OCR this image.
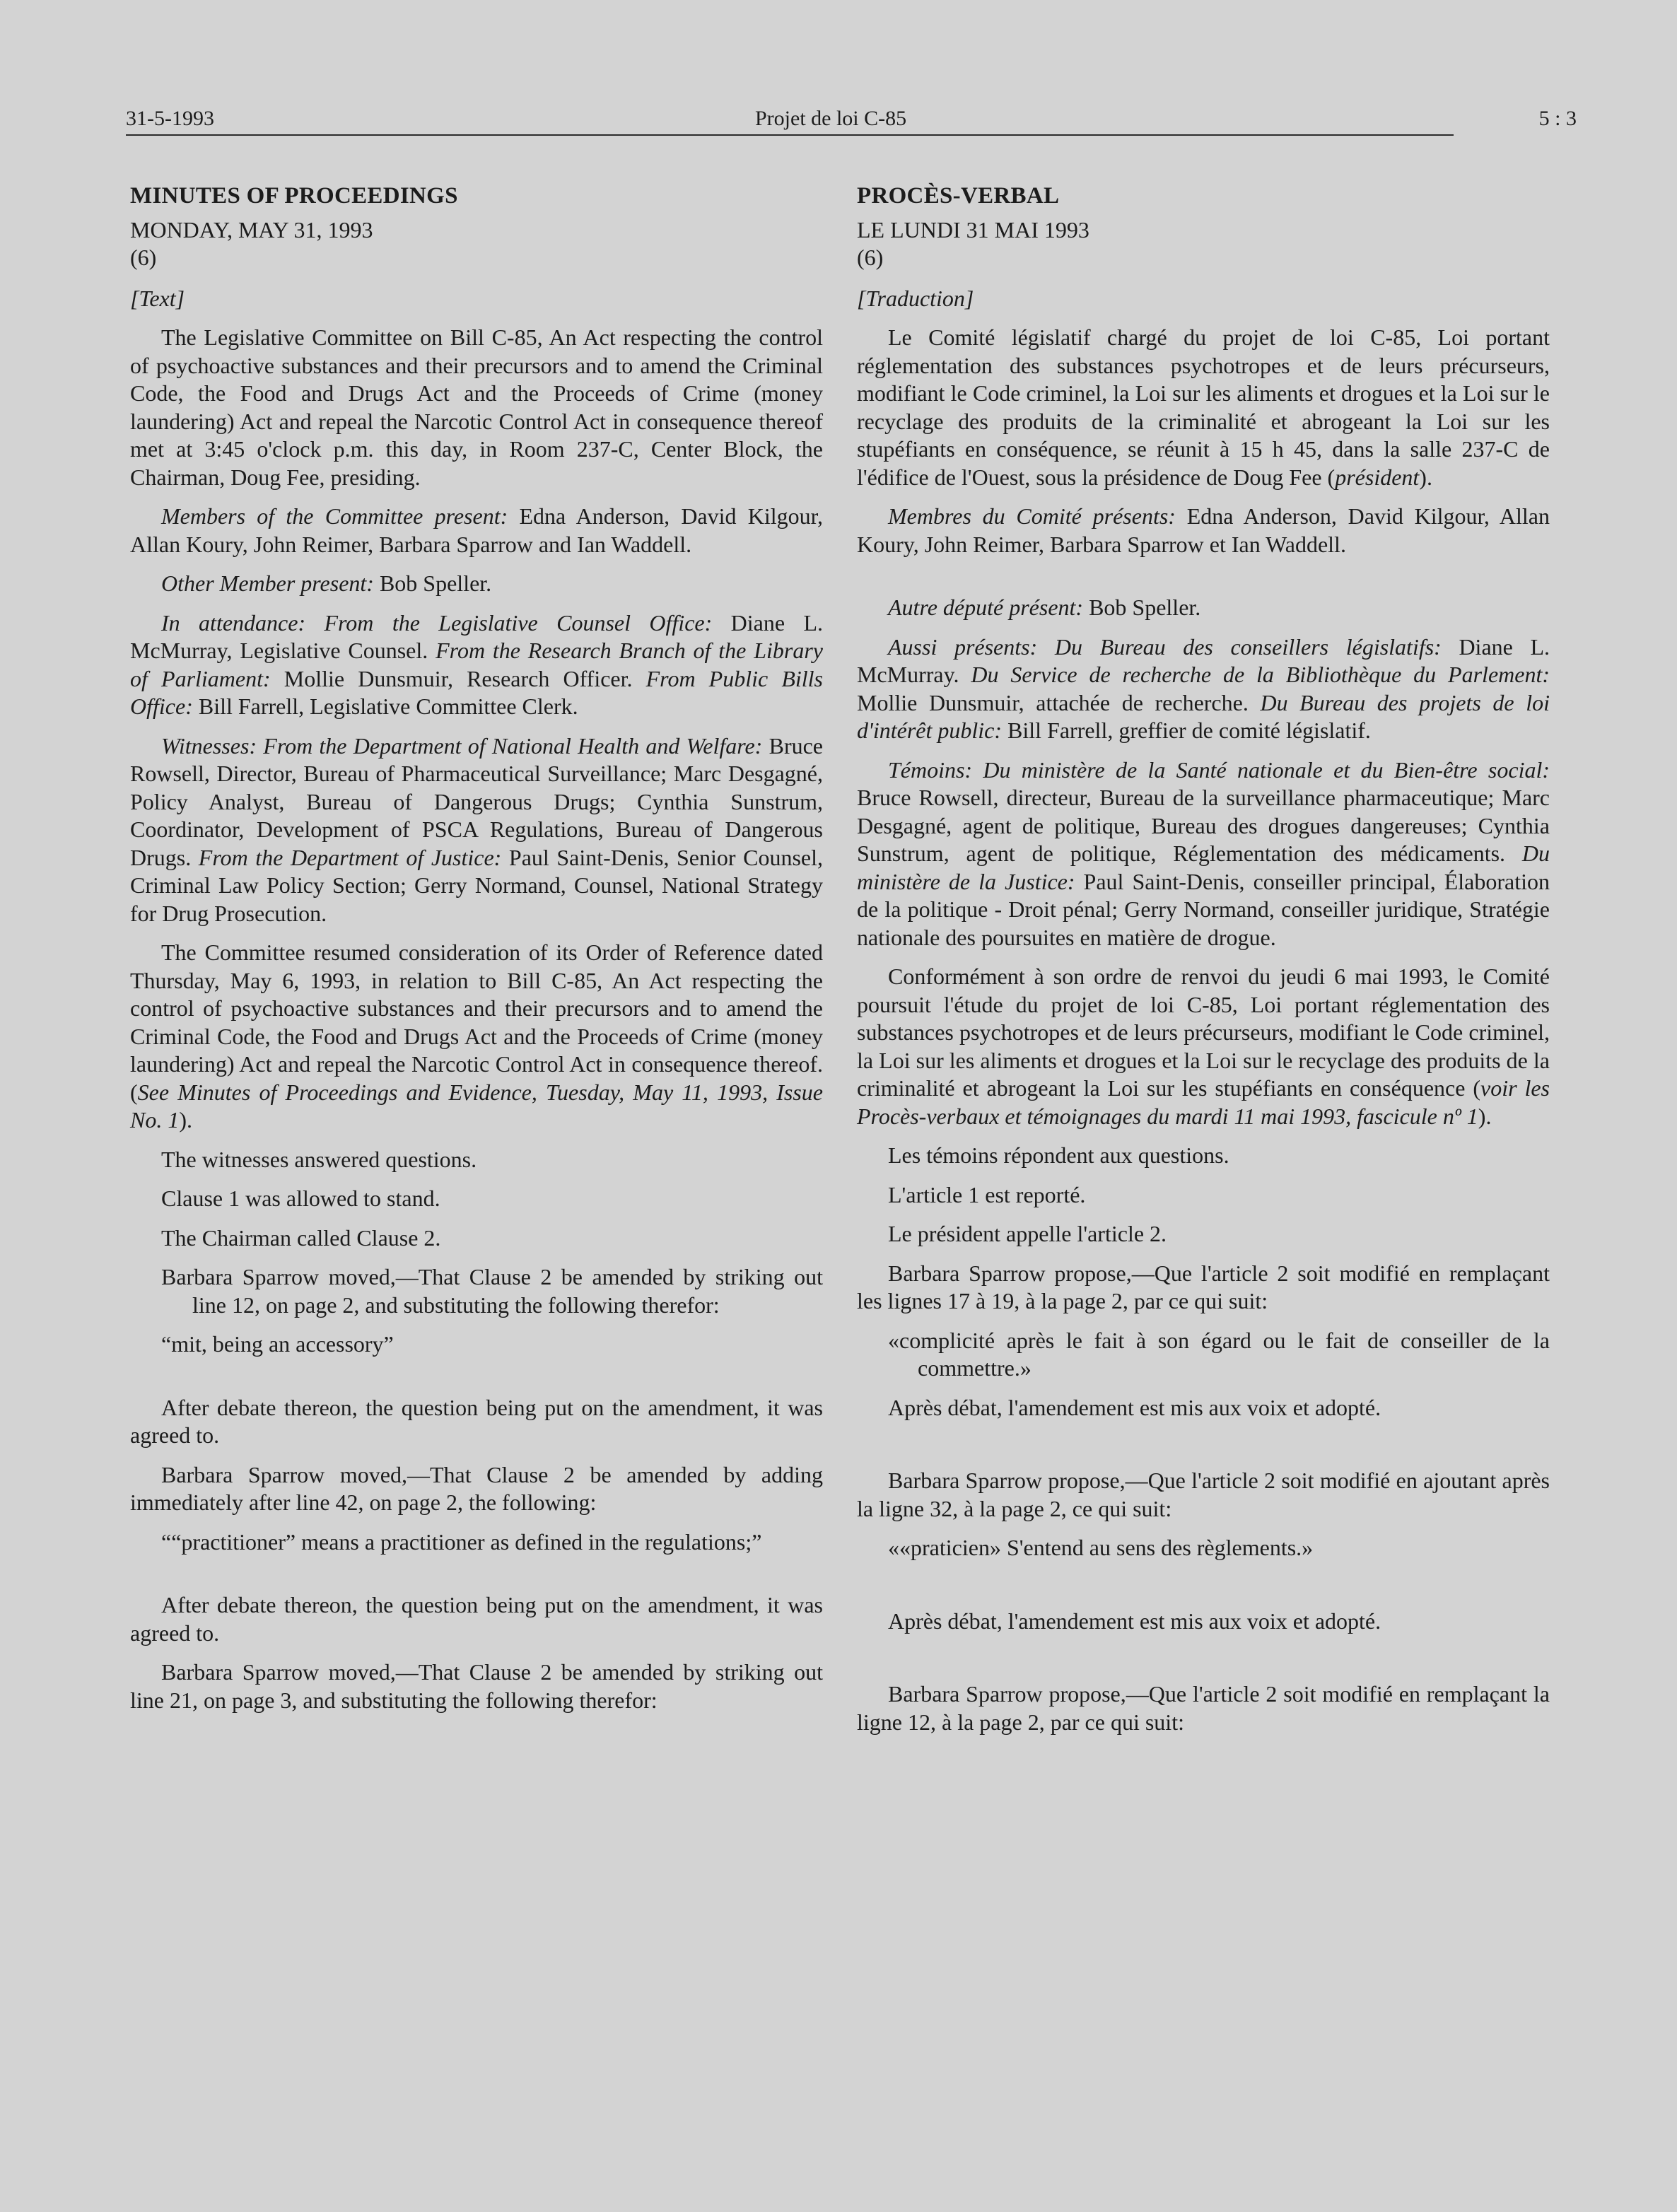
31-5-1993	Projet de loi C-85	5 : 3

MINUTES OF PROCEEDINGS

MONDAY, MAY 31, 1993

(6)

[Text]

The Legislative Committee on Bill C-85, An Act respecting the control of psychoactive substances and their precursors and to amend the Criminal Code, the Food and Drugs Act and the Proceeds of Crime (money laundering) Act and repeal the Narcotic Control Act in consequence thereof met at 3:45 o'clock p.m. this day, in Room 237-C, Center Block, the Chairman, Doug Fee, presiding.

Members of the Committee present: Edna Anderson, David Kilgour, Allan Koury, John Reimer, Barbara Sparrow and Ian Waddell.

Other Member present: Bob Speller.

In attendance: From the Legislative Counsel Office: Diane L. McMurray, Legislative Counsel. From the Research Branch of the Library of Parliament: Mollie Dunsmuir, Research Officer. From Public Bills Office: Bill Farrell, Legislative Committee Clerk.

Witnesses: From the Department of National Health and Welfare: Bruce Rowsell, Director, Bureau of Pharmaceutical Surveillance; Marc Desgagné, Policy Analyst, Bureau of Dangerous Drugs; Cynthia Sunstrum, Coordinator, Development of PSCA Regulations, Bureau of Dangerous Drugs. From the Department of Justice: Paul Saint-Denis, Senior Counsel, Criminal Law Policy Section; Gerry Normand, Counsel, National Strategy for Drug Prosecution.

The Committee resumed consideration of its Order of Reference dated Thursday, May 6, 1993, in relation to Bill C-85, An Act respecting the control of psychoactive substances and their precursors and to amend the Criminal Code, the Food and Drugs Act and the Proceeds of Crime (money laundering) Act and repeal the Narcotic Control Act in consequence thereof. (See Minutes of Proceedings and Evidence, Tuesday, May 11, 1993, Issue No. 1).

The witnesses answered questions.

Clause 1 was allowed to stand.

The Chairman called Clause 2.

Barbara Sparrow moved,—That Clause 2 be amended by striking out line 12, on page 2, and substituting the following therefor:

“mit, being an accessory”

After debate thereon, the question being put on the amendment, it was agreed to.

Barbara Sparrow moved,—That Clause 2 be amended by adding immediately after line 42, on page 2, the following:

““practitioner” means a practitioner as defined in the regulations;”

After debate thereon, the question being put on the amendment, it was agreed to.

Barbara Sparrow moved,—That Clause 2 be amended by striking out line 21, on page 3, and substituting the following therefor:

PROCÈS-VERBAL

LE LUNDI 31 MAI 1993

(6)

[Traduction]

Le Comité législatif chargé du projet de loi C-85, Loi portant réglementation des substances psychotropes et de leurs précurseurs, modifiant le Code criminel, la Loi sur les aliments et drogues et la Loi sur le recyclage des produits de la criminalité et abrogeant la Loi sur les stupéfiants en conséquence, se réunit à 15 h 45, dans la salle 237-C de l'édifice de l'Ouest, sous la présidence de Doug Fee (président).

Membres du Comité présents: Edna Anderson, David Kilgour, Allan Koury, John Reimer, Barbara Sparrow et Ian Waddell.

Autre député présent: Bob Speller.

Aussi présents: Du Bureau des conseillers législatifs: Diane L. McMurray. Du Service de recherche de la Bibliothèque du Parlement: Mollie Dunsmuir, attachée de recherche. Du Bureau des projets de loi d'intérêt public: Bill Farrell, greffier de comité législatif.

Témoins: Du ministère de la Santé nationale et du Bien-être social: Bruce Rowsell, directeur, Bureau de la surveillance pharmaceutique; Marc Desgagné, agent de politique, Bureau des drogues dangereuses; Cynthia Sunstrum, agent de politique, Réglementation des médicaments. Du ministère de la Justice: Paul Saint-Denis, conseiller principal, Élaboration de la politique - Droit pénal; Gerry Normand, conseiller juridique, Stratégie nationale des poursuites en matière de drogue.

Conformément à son ordre de renvoi du jeudi 6 mai 1993, le Comité poursuit l'étude du projet de loi C-85, Loi portant réglementation des substances psychotropes et de leurs précurseurs, modifiant le Code criminel, la Loi sur les aliments et drogues et la Loi sur le recyclage des produits de la criminalité et abrogeant la Loi sur les stupéfiants en conséquence (voir les Procès-verbaux et témoignages du mardi 11 mai 1993, fascicule nº 1).

Les témoins répondent aux questions.

L'article 1 est reporté.

Le président appelle l'article 2.

Barbara Sparrow propose,—Que l'article 2 soit modifié en remplaçant les lignes 17 à 19, à la page 2, par ce qui suit:

«complicité après le fait à son égard ou le fait de conseiller de la commettre.»

Après débat, l'amendement est mis aux voix et adopté.

Barbara Sparrow propose,—Que l'article 2 soit modifié en ajoutant après la ligne 32, à la page 2, ce qui suit:

««praticien» S'entend au sens des règlements.»

Après débat, l'amendement est mis aux voix et adopté.

Barbara Sparrow propose,—Que l'article 2 soit modifié en remplaçant la ligne 12, à la page 2, par ce qui suit:
